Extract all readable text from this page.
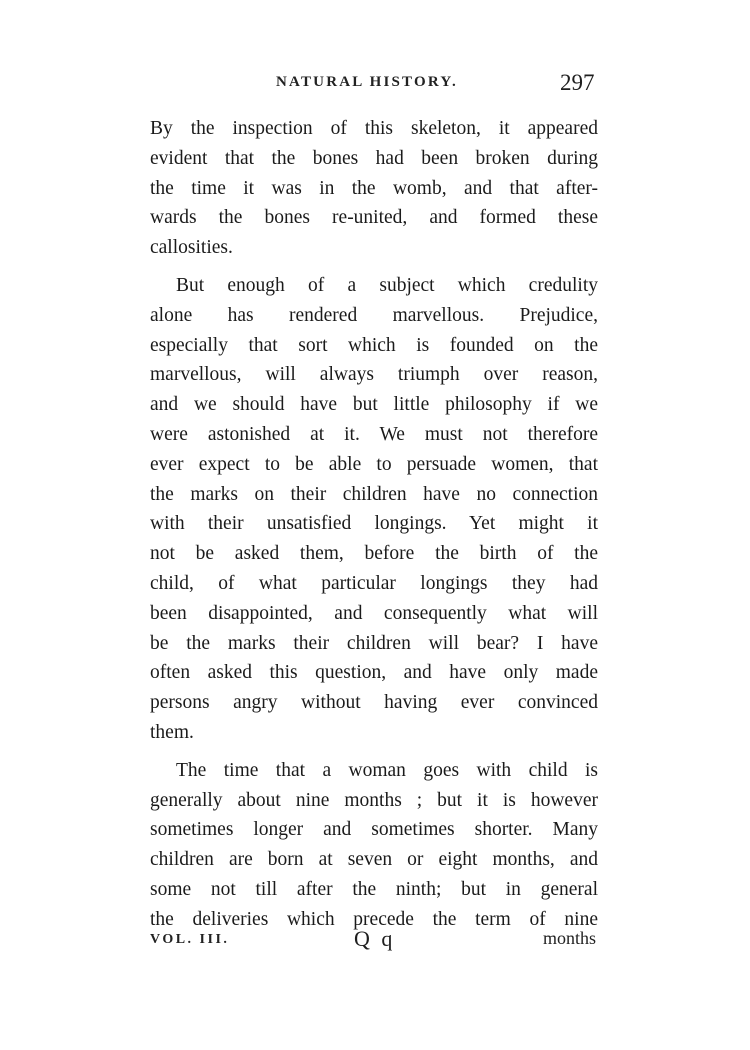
NATURAL HISTORY.	297
By the inspection of this skeleton, it appeared
evident that the bones had been broken during
the time it was in the womb, and that after-
wards the bones re-united, and formed these
callosities.
But enough of a subject which credulity
alone has rendered marvellous. Prejudice,
especially that sort which is founded on the
marvellous, will always triumph over reason,
and we should have but little philosophy if we
were astonished at it. We must not therefore
ever expect to be able to persuade women, that
the marks on their children have no connection
with their unsatisfied longings. Yet might it
not be asked them, before the birth of the
child, of what particular longings they had
been disappointed, and consequently what will
be the marks their children will bear? I have
often asked this question, and have only made
persons angry without having ever convinced
them.
The time that a woman goes with child is
generally about nine months ; but it is however
sometimes longer and sometimes shorter. Many
children are born at seven or eight months, and
some not till after the ninth; but in general
the deliveries which precede the term of nine
VOL. III.	Q q	months
